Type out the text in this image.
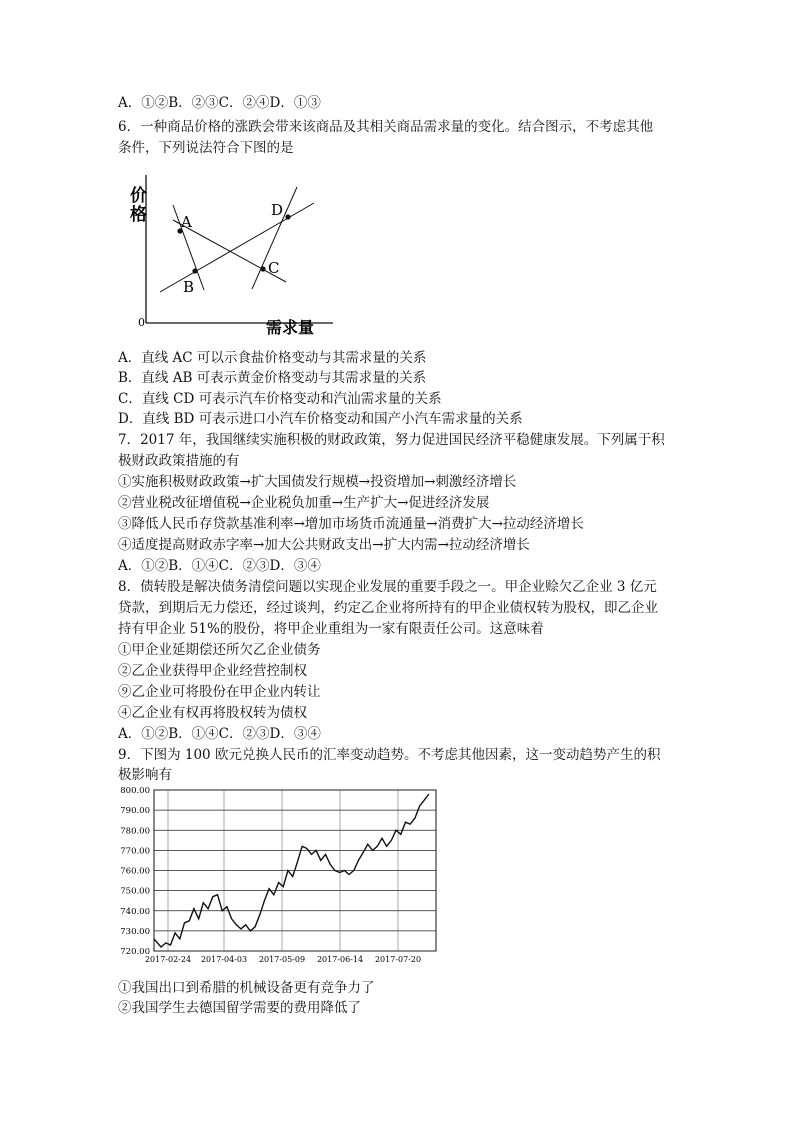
A．①②B．②③C．②④D．①③
6．一种商品价格的涨跌会带来该商品及其相关商品需求量的变化。结合图示，不考虑其他
条件，下列说法符合下图的是
价
格
0	需求量
A
B
C
D
A．直线 AC 可以示食盐价格变动与其需求量的关系
B．直线 AB 可表示黄金价格变动与其需求量的关系
C．直线 CD 可表示汽车价格变动和汽汕需求量的关系
D．直线 BD 可表示进口小汽车价格变动和国产小汽车需求量的关系
7．2017 年，我国继续实施积极的财政政策，努力促进国民经济平稳健康发展。下列属于积
极财政政策措施的有
①实施积极财政政策→扩大国债发行规模→投资增加→刺激经济增长
②营业税改征增值税→企业税负加重→生产扩大→促进经济发展
③降低人民币存贷款基准利率→增加市场货币流通量→消费扩大→拉动经济增长
④适度提高财政赤字率→加大公共财政支出→扩大内需→拉动经济增长
A．①②B．①④C．②③D．③④
8．债转股是解决债务清偿问题以实现企业发展的重要手段之一。甲企业赊欠乙企业 3 亿元
贷款，到期后无力偿还，经过谈判，约定乙企业将所持有的甲企业债权转为股权，即乙企业
持有甲企业 51%的股份，将甲企业重组为一家有限责任公司。这意味着
①甲企业延期偿还所欠乙企业债务
②乙企业获得甲企业经营控制权
⑨乙企业可将股份在甲企业内转让
④乙企业有权再将股权转为债权
A．①②B．①④C．②③D．③④
9．下图为 100 欧元兑换人民币的汇率变动趋势。不考虑其他因素，这一变动趋势产生的积
极影响有
800.00
790.00
780.00
770.00
760.00
750.00
740.00
730.00
720.00
2017-02-24 2017-04-03 2017-05-09 2017-06-14 2017-07-20
①我国出口到希腊的机械设备更有竞争力了
②我国学生去德国留学需要的费用降低了
